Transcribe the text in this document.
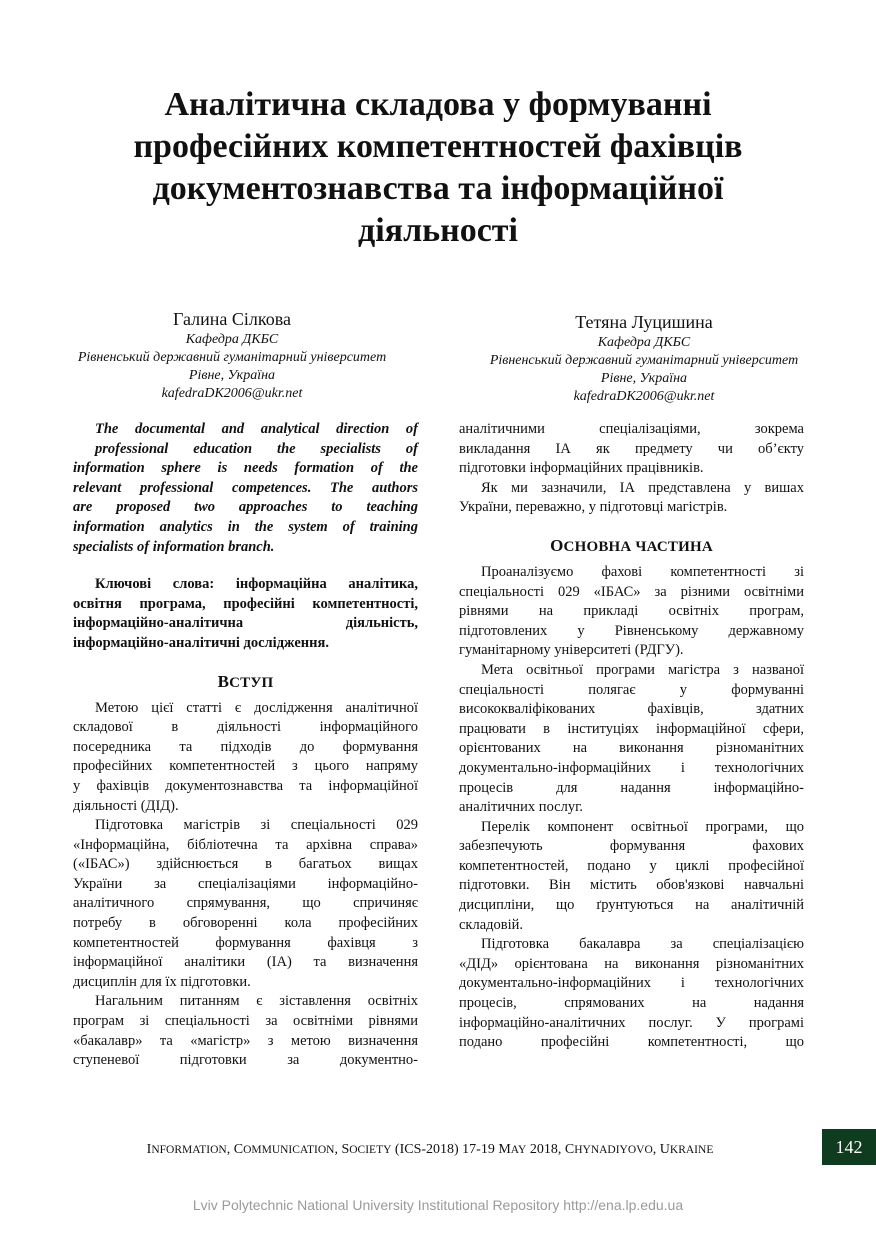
Аналітична складова у формуванні
професійних компетентностей фахівців
документознавства та інформаційної
діяльності
Галина Сілкова
Кафедра ДКБС
Рівненський державний гуманітарний університет
Рівне, Україна
kafedraDK2006@ukr.net
Тетяна Луцишина
Кафедра ДКБС
Рівненський державний гуманітарний університет
Рівне, Україна
kafedraDK2006@ukr.net
The documental and analytical direction of
professional education the specialists of
information sphere is needs formation of the
relevant professional competences. The authors
are proposed two approaches to teaching
information analytics in the system of training
specialists of information branch.
Ключові слова: інформаційна аналітика,
освітня програма, професійні компетентності,
інформаційно-аналітична діяльність,
інформаційно-аналітичні дослідження.
ВСТУП
Метою цієї статті є дослідження аналітичної
складової в діяльності інформаційного
посередника та підходів до формування
професійних компетентностей з цього напряму
у фахівців документознавства та інформаційної
діяльності (ДІД).
Підготовка магістрів зі спеціальності 029
«Інформаційна, бібліотечна та архівна справа»
(«ІБАС») здійснюється в багатьох вищах
України за спеціалізаціями інформаційно-
аналітичного спрямування, що спричиняє
потребу в обговоренні кола професійних
компетентностей формування фахівця з
інформаційної аналітики (ІА) та визначення
дисциплін для їх підготовки.
Нагальним питанням є зіставлення освітніх
програм зі спеціальності за освітніми рівнями
«бакалавр» та «магістр» з метою визначення
ступеневої підготовки за документно-
аналітичними спеціалізаціями, зокрема
викладання ІА як предмету чи об’єкту
підготовки інформаційних працівників.
Як ми зазначили, ІА представлена у вишах
України, переважно, у підготовці магістрів.
ОСНОВНА ЧАСТИНА
Проаналізуємо фахові компетентності зі
спеціальності 029 «ІБАС» за різними освітніми
рівнями на прикладі освітніх програм,
підготовлених у Рівненському державному
гуманітарному університеті (РДГУ).
Мета освітньої програми магістра з названої
спеціальності полягає у формуванні
висококваліфікованих фахівців, здатних
працювати в інституціях інформаційної сфери,
орієнтованих на виконання різноманітних
документально-інформаційних і технологічних
процесів для надання інформаційно-
аналітичних послуг.
Перелік компонент освітньої програми, що
забезпечують формування фахових
компетентностей, подано у циклі професійної
підготовки. Він містить обов'язкові навчальні
дисципліни, що ґрунтуються на аналітичній
складовій.
Підготовка бакалавра за спеціалізацією
«ДІД» орієнтована на виконання різноманітних
документально-інформаційних і технологічних
процесів, спрямованих на надання
інформаційно-аналітичних послуг. У програмі
подано професійні компетентності, що
INFORMATION, COMMUNICATION, SOCIETY (ICS-2018) 17-19 MAY 2018, CHYNADIYOVO, UKRAINE	142
Lviv Polytechnic National University Institutional Repository http://ena.lp.edu.ua
